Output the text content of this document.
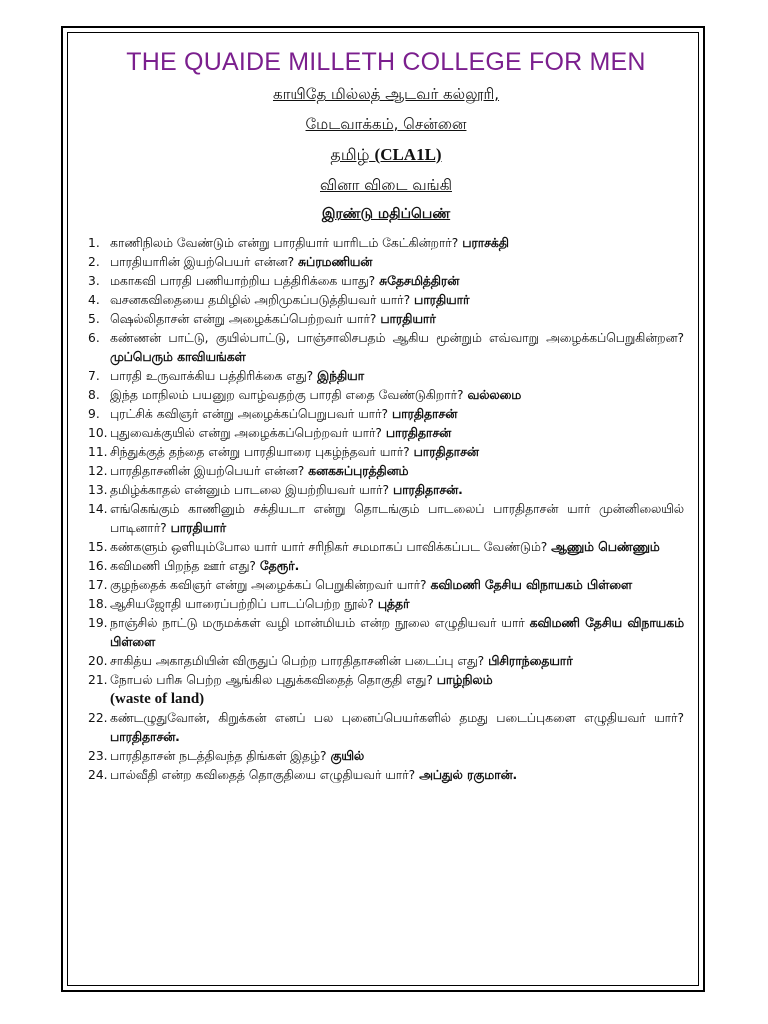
THE QUAIDE MILLETH COLLEGE FOR MEN
காயிதே மில்லத் ஆடவர் கல்லூரி,
மேடவாக்கம், சென்னை
தமிழ் (CLA1L)
வினா விடை வங்கி
இரண்டு மதிப்பெண்
1. காணிநிலம் வேண்டும் என்று பாரதியார் யாரிடம் கேட்கின்றார்? பராசக்தி
2. பாரதியாரின் இயற்பெயர் என்ன? சுப்ரமணியன்
3. மகாகவி பாரதி பணியாற்றிய பத்திரிக்கை யாது? சுதேசமித்திரன்
4. வசனகவிதையை தமிழில் அறிமுகப்படுத்தியவர் யார்? பாரதியார்
5. ஷெல்லிதாசன் என்று அழைக்கப்பெற்றவர் யார்? பாரதியார்
6. கண்ணன் பாட்டு, குயில்பாட்டு, பாஞ்சாலிசபதம் ஆகிய மூன்றும் எவ்வாறு அழைக்கப்பெறுகின்றன? முப்பெரும் காவியங்கள்
7. பாரதி உருவாக்கிய பத்திரிக்கை எது? இந்தியா
8. இந்த மாநிலம் பயனுற வாழ்வதற்கு பாரதி எதை வேண்டுகிறார்? வல்லமை
9. புரட்சிக் கவிஞர் என்று அழைக்கப்பெறுபவர் யார்? பாரதிதாசன்
10. புதுவைக்குயில் என்று அழைக்கப்பெற்றவர் யார்? பாரதிதாசன்
11. சிந்துக்குத் தந்தை என்று பாரதியாரை புகழ்ந்தவர் யார்? பாரதிதாசன்
12. பாரதிதாசனின் இயற்பெயர் என்ன? கனகசுப்புரத்தினம்
13. தமிழ்க்காதல் என்னும் பாடலை இயற்றியவர் யார்? பாரதிதாசன்.
14. எங்கெங்கும் காணினும் சக்தியடா என்று தொடங்கும் பாடலைப் பாரதிதாசன் யார் முன்னிலையில் பாடினார்? பாரதியார்
15. கண்களும் ஒளியும்போல யார் யார் சரிநிகர் சமமாகப் பாவிக்கப்பட வேண்டும்? ஆணும் பெண்ணும்
16. கவிமணி பிறந்த ஊர் எது? தேரூர்.
17. குழந்தைக் கவிஞர் என்று அழைக்கப் பெறுகின்றவர் யார்? கவிமணி தேசிய விநாயகம் பிள்ளை
18. ஆசியஜோதி யாரைப்பற்றிப் பாடப்பெற்ற நூல்? புத்தர்
19. நாஞ்சில் நாட்டு மருமக்கள் வழி மான்மியம் என்ற நூலை எழுதியவர் யார் கவிமணி தேசிய விநாயகம் பிள்ளை
20. சாகித்ய அகாதமியின் விருதுப் பெற்ற பாரதிதாசனின் படைப்பு எது? பிசிராந்தையார்
21. நோபல் பரிசு பெற்ற ஆங்கில புதுக்கவிதைத் தொகுதி எது? பாழ்நிலம்
(waste of land)
22. கண்டழுதுவோன், கிறுக்கன் எனப் பல புனைப்பெயர்களில் தமது படைப்புகளை எழுதியவர் யார்? பாரதிதாசன்.
23. பாரதிதாசன் நடத்திவந்த திங்கள் இதழ்? குயில்
24. பால்வீதி என்ற கவிதைத் தொகுதியை எழுதியவர் யார்? அப்துல் ரகுமான்.
